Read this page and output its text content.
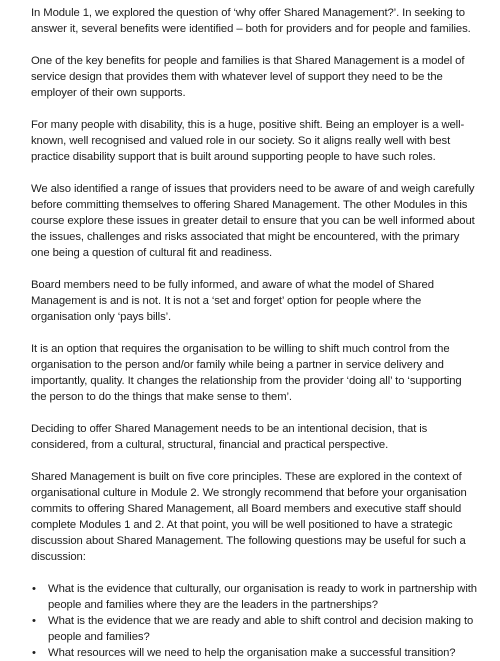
In Module 1, we explored the question of ‘why offer Shared Management?’. In seeking to answer it, several benefits were identified – both for providers and for people and families.

One of the key benefits for people and families is that Shared Management is a model of service design that provides them with whatever level of support they need to be the employer of their own supports.

For many people with disability, this is a huge, positive shift. Being an employer is a well-known, well recognised and valued role in our society. So it aligns really well with best practice disability support that is built around supporting people to have such roles.

We also identified a range of issues that providers need to be aware of and weigh carefully before committing themselves to offering Shared Management. The other Modules in this course explore these issues in greater detail to ensure that you can be well informed about the issues, challenges and risks associated that might be encountered, with the primary one being a question of cultural fit and readiness.

Board members need to be fully informed, and aware of what the model of Shared Management is and is not. It is not a ‘set and forget’ option for people where the organisation only ‘pays bills’.

It is an option that requires the organisation to be willing to shift much control from the organisation to the person and/or family while being a partner in service delivery and importantly, quality. It changes the relationship from the provider ‘doing all’ to ‘supporting the person to do the things that make sense to them’.

Deciding to offer Shared Management needs to be an intentional decision, that is considered, from a cultural, structural, financial and practical perspective.

Shared Management is built on five core principles. These are explored in the context of organisational culture in Module 2. We strongly recommend that before your organisation commits to offering Shared Management, all Board members and executive staff should complete Modules 1 and 2. At that point, you will be well positioned to have a strategic discussion about Shared Management. The following questions may be useful for such a discussion:

• What is the evidence that culturally, our organisation is ready to work in partnership with people and families where they are the leaders in the partnerships?
• What is the evidence that we are ready and able to shift control and decision making to people and families?
• What resources will we need to help the organisation make a successful transition?
